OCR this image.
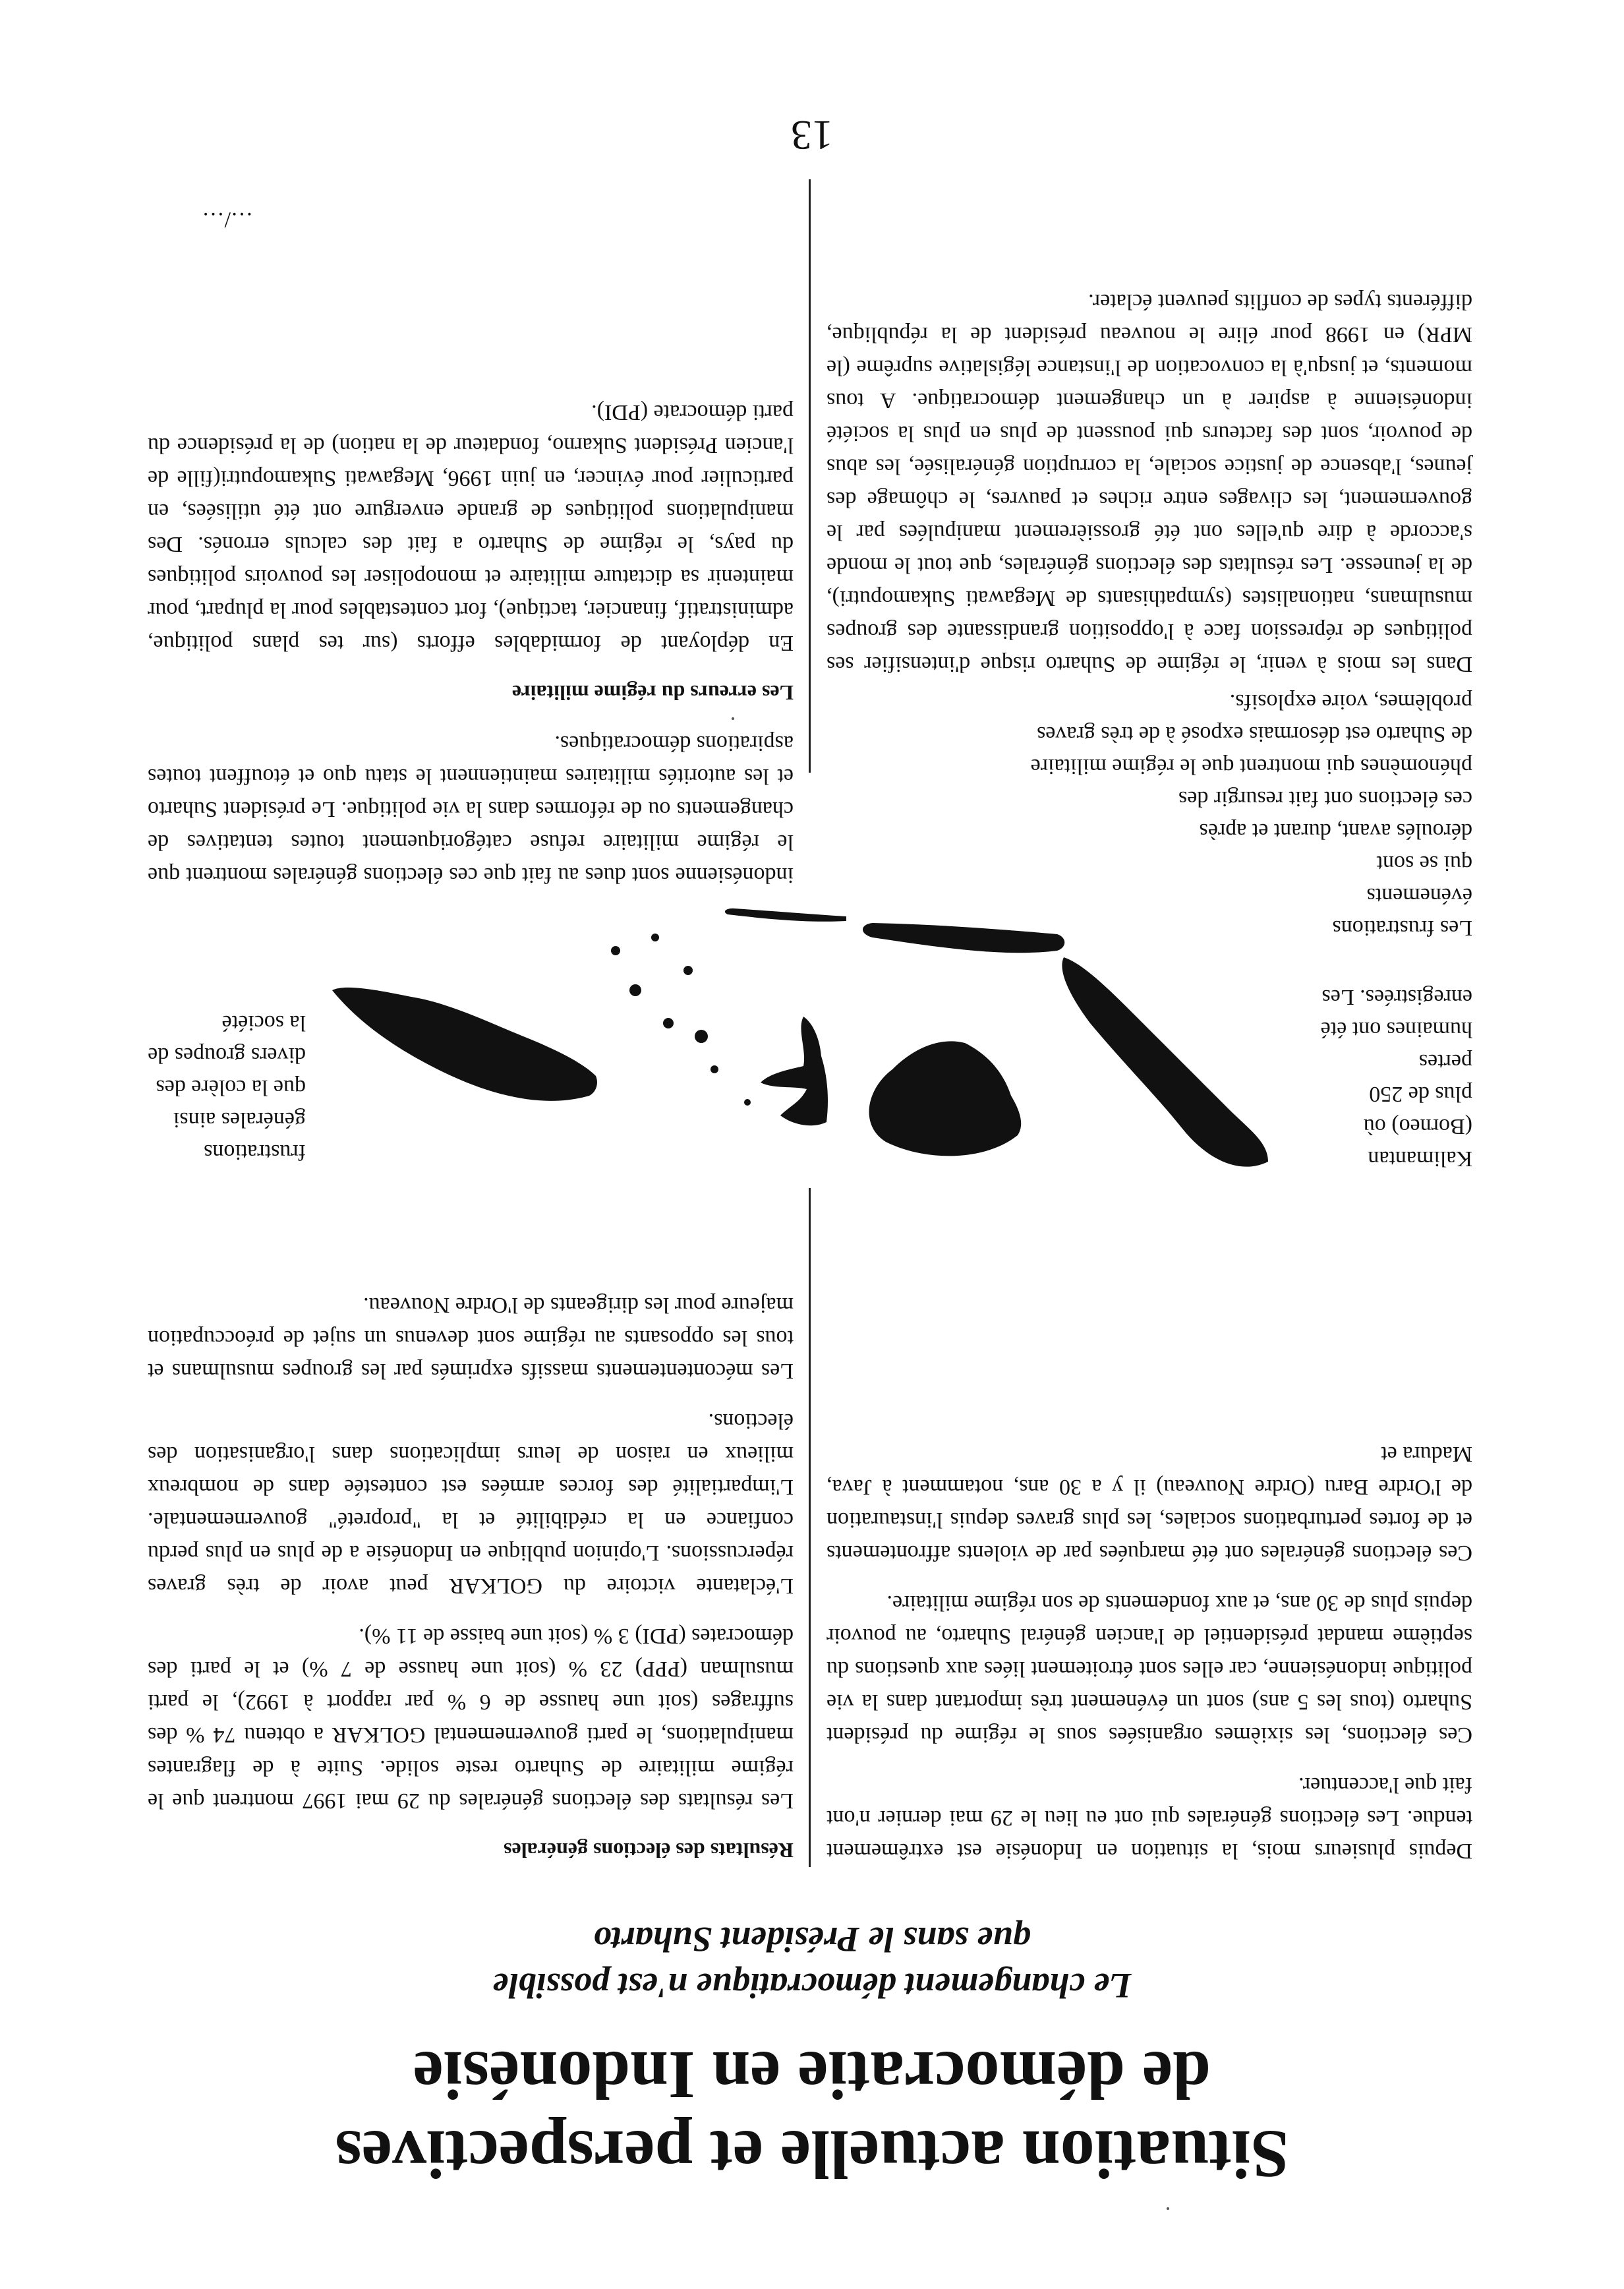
Situation actuelle et perspectives
de démocratie en Indonésie
Le changement démocratique n'est possible
que sans le Président Suharto

Depuis plusieurs mois, la situation en Indonésie est extrêmement tendue. Les élections générales qui ont eu lieu le 29 mai dernier n'ont fait que l'accentuer.

Ces élections, les sixièmes organisées sous le régime du président Suharto (tous les 5 ans) sont un événement très important dans la vie politique indonésienne, car elles sont étroitement liées aux questions du septième mandat présidentiel de l'ancien général Suharto, au pouvoir depuis plus de 30 ans, et aux fondements de son régime militaire.

Ces élections générales ont été marquées par de violents affrontements et de fortes perturbations sociales, les plus graves depuis l'instauration de l'Ordre Baru (Ordre Nouveau) il y a 30 ans, notamment à Java, Madura et

Kalimantan
(Borneo) où
plus de 250
pertes
humaines ont été
enregistrées. Les
Les frustrations
événements
qui se sont
déroulés avant, durant et après
ces élections ont fait resurgir des
phénomènes qui montrent que le régime militaire
de Suharto est désormais exposé à de très graves
problèmes, voire explosifs.
Résultats des élections générales

Les résultats des élections générales du 29 mai 1997 montrent que le régime militaire de Suharto reste solide. Suite à de flagrantes manipulations, le parti gouvernemental GOLKAR a obtenu 74 % des suffrages (soit une hausse de 6 % par rapport à 1992), le parti musulman (PPP) 23 % (soit une hausse de 7 %) et le parti des démocrates (PDI) 3 % (soit une baisse de 11 %).

L'éclatante victoire du GOLKAR peut avoir de très graves répercussions. L'opinion publique en Indonésie a de plus en plus perdu confiance en la crédibilité et la "propreté" gouvernementale. L'impartialité des forces armées est contestée dans de nombreux milieux en raison de leurs implications dans l'organisation des élections.

Les mécontentements massifs exprimés par les groupes musulmans et tous les opposants au régime sont devenus un sujet de préoccupation majeure pour les dirigeants de l'Ordre Nouveau.

frustrations
générales ainsi
que la colère des
divers groupes de
la société

Dans les mois à venir, le régime de Suharto risque d'intensifier ses politiques de répression face à l'opposition grandissante des groupes musulmans, nationalistes (sympathisants de Megawati Sukamoputri), de la jeunesse. Les résultats des élections générales, que tout le monde s'accorde à dire qu'elles ont été grossièrement manipulées par le gouvernement, les clivages entre riches et pauvres, le chômage des jeunes, l'absence de justice sociale, la corruption généralisée, les abus de pouvoir, sont des facteurs qui poussent de plus en plus la société indonésienne à aspirer à un changement démocratique. A tous moments, et jusqu'à la convocation de l'instance législative suprême (le MPR) en 1998 pour élire le nouveau président de la république, différents types de conflits peuvent éclater.

indonésienne sont dues au fait que ces élections générales montrent que le régime militaire refuse catégoriquement toutes tentatives de changements ou de réformes dans la vie politique. Le président Suharto et les autorités militaires maintiennent le statu quo et étouffent toutes aspirations démocratiques.

Les erreurs du régime militaire

En déployant de formidables efforts (sur tes plans politique, administratif, financier, tactique), fort contestables pour la plupart, pour maintenir sa dictature militaire et monopoliser les pouvoirs politiques du pays, le régime de Suharto a fait des calculs erronés. Des manipulations politiques de grande envergure ont été utilisées, en particulier pour évincer, en juin 1996, Megawati Sukamoputri(fille de l'ancien Président Sukarno, fondateur de la nation) de la présidence du parti démocrate (PDI).

…/…
13
